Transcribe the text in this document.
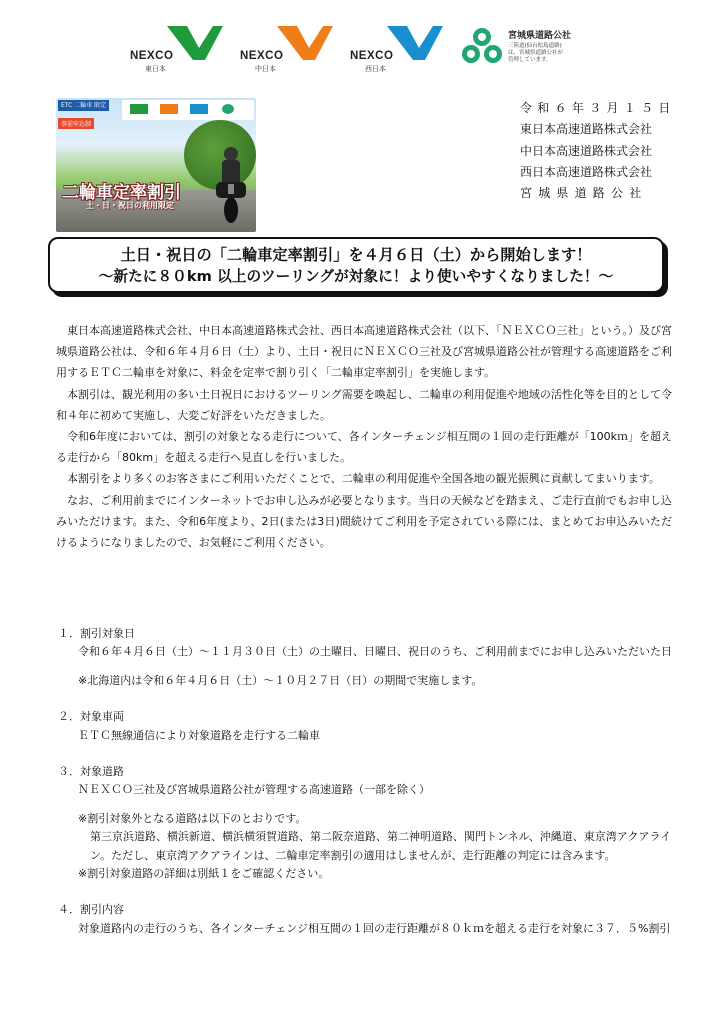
NEXCO
東日本
NEXCO
中日本
NEXCO
西日本
宮城県道路公社
三陸道(仙台松島道路)
は、宮城県道路公社が
管理しています。
ETC 二輪車 限定
事前申込制
二輪車定率割引
土・日・祝日の利用限定
令和６年３月１５日
東日本高速道路株式会社
中日本高速道路株式会社
西日本高速道路株式会社
宮城県道路公社
土日・祝日の「二輪車定率割引」を４月６日（土）から開始します！
～新たに８０km 以上のツーリングが対象に！より使いやすくなりました！～

東日本高速道路株式会社、中日本高速道路株式会社、西日本高速道路株式会社（以下、「ＮＥＸＣＯ三社」という。）及び宮城県道路公社は、令和６年４月６日（土）より、土日・祝日にＮＥＸＣＯ三社及び宮城県道路公社が管理する高速道路をご利用するＥＴＣ二輪車を対象に、料金を定率で割り引く「二輪車定率割引」を実施します。

本割引は、観光利用の多い土日祝日におけるツーリング需要を喚起し、二輪車の利用促進や地域の活性化等を目的として令和４年に初めて実施し、大変ご好評をいただきました。

令和6年度においては、割引の対象となる走行について、各インターチェンジ相互間の１回の走行距離が「100kｍ」を超える走行から「80km」を超える走行へ見直しを行いました。

本割引をより多くのお客さまにご利用いただくことで、二輪車の利用促進や全国各地の観光振興に貢献してまいります。

なお、ご利用前までにインターネットでお申し込みが必要となります。当日の天候などを踏まえ、ご走行直前でもお申し込みいただけます。また、令和6年度より、2日(または3日)間続けてご利用を予定されている際には、まとめてお申込みいただけるようになりましたので、お気軽にご利用ください。

１．割引対象日
令和６年４月６日（土）～１１月３０日（土）の土曜日、日曜日、祝日のうち、ご利用前までにお申し込みいただいた日
※北海道内は令和６年４月６日（土）～１０月２７日（日）の期間で実施します。
２．対象車両
ＥＴＣ無線通信により対象道路を走行する二輪車
３．対象道路
ＮＥＸＣＯ三社及び宮城県道路公社が管理する高速道路（一部を除く）
※割引対象外となる道路は以下のとおりです。
第三京浜道路、横浜新道、横浜横須賀道路、第二阪奈道路、第二神明道路、関門トンネル、沖縄道、東京湾アクアライン。ただし、東京湾アクアラインは、二輪車定率割引の適用はしませんが、走行距離の判定には含みます。
※割引対象道路の詳細は別紙１をご確認ください。
４．割引内容
対象道路内の走行のうち、各インターチェンジ相互間の１回の走行距離が８０ｋｍを超える走行を対象に３７．５%割引
